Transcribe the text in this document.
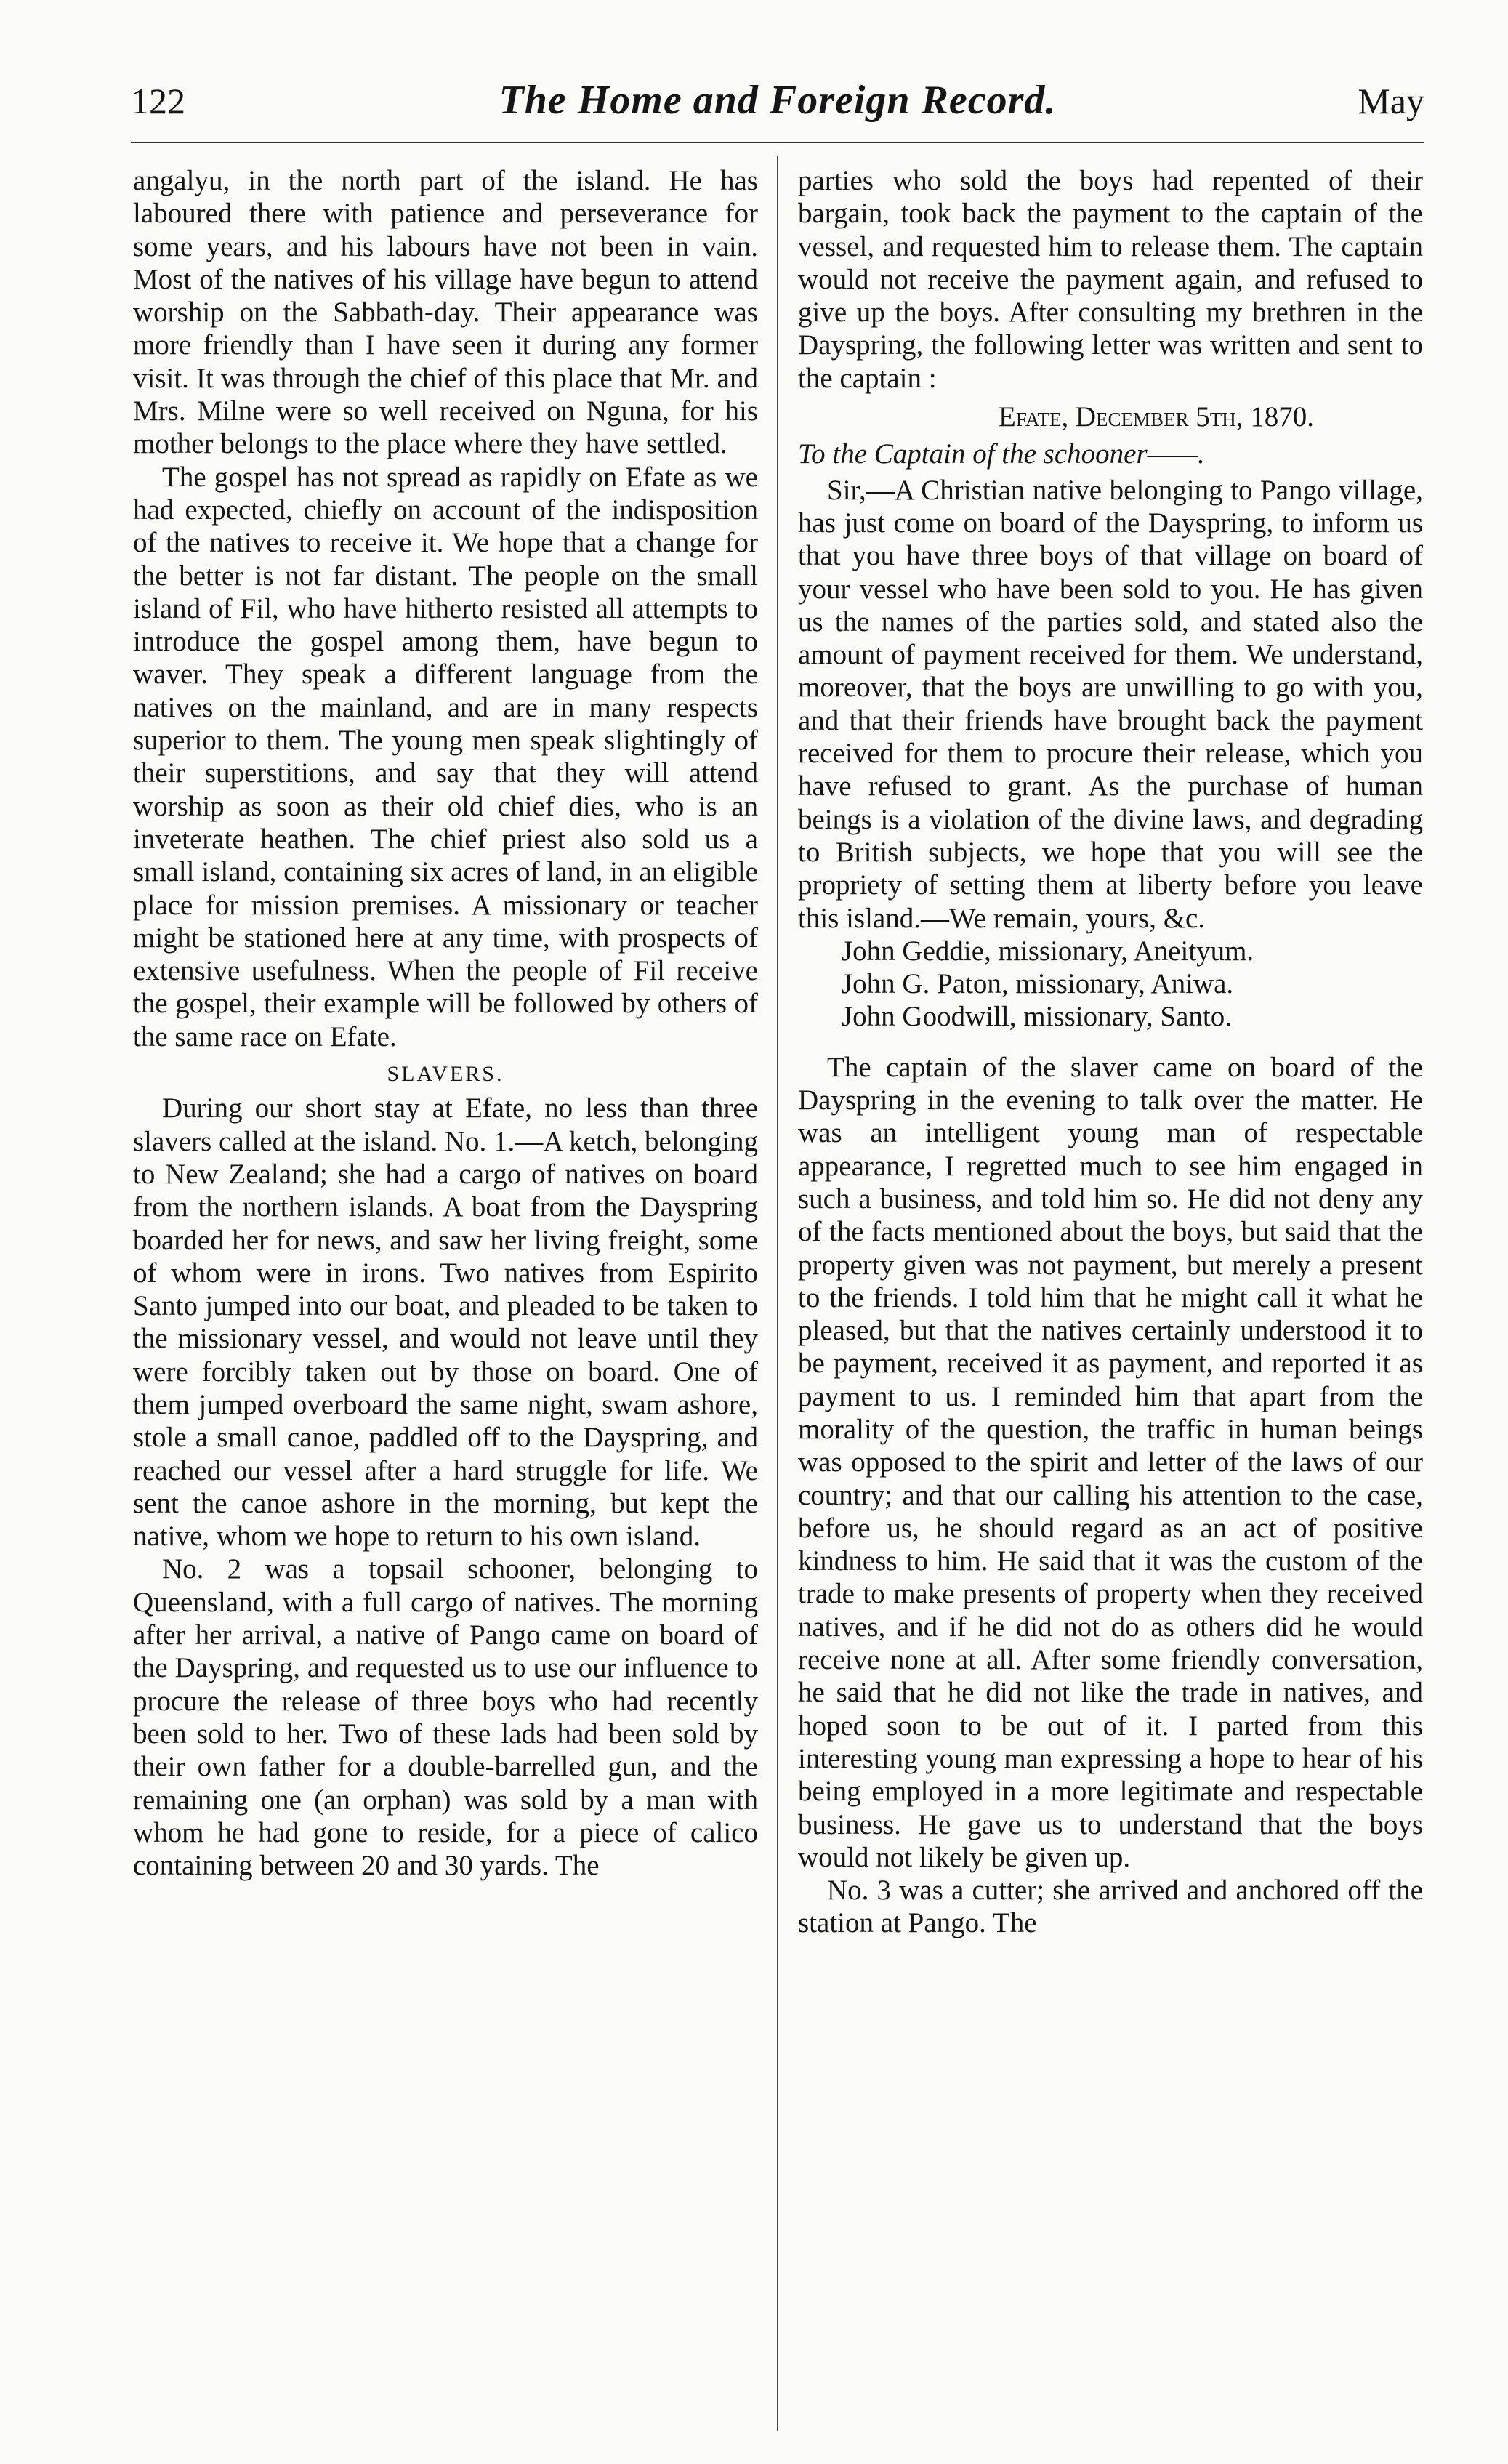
122	The Home and Foreign Record.	May

angalyu, in the north part of the island. He has laboured there with patience and perseverance for some years, and his labours have not been in vain. Most of the natives of his village have begun to attend worship on the Sabbath-day. Their appearance was more friendly than I have seen it during any former visit. It was through the chief of this place that Mr. and Mrs. Milne were so well received on Nguna, for his mother belongs to the place where they have settled.

The gospel has not spread as rapidly on Efate as we had expected, chiefly on account of the indisposition of the natives to receive it. We hope that a change for the better is not far distant. The people on the small island of Fil, who have hitherto resisted all attempts to introduce the gospel among them, have begun to waver. They speak a different language from the natives on the mainland, and are in many respects superior to them. The young men speak slightingly of their superstitions, and say that they will attend worship as soon as their old chief dies, who is an inveterate heathen. The chief priest also sold us a small island, containing six acres of land, in an eligible place for mission premises. A missionary or teacher might be stationed here at any time, with prospects of extensive usefulness. When the people of Fil receive the gospel, their example will be followed by others of the same race on Efate.

SLAVERS.

During our short stay at Efate, no less than three slavers called at the island. No. 1.—A ketch, belonging to New Zealand; she had a cargo of natives on board from the northern islands. A boat from the Dayspring boarded her for news, and saw her living freight, some of whom were in irons. Two natives from Espirito Santo jumped into our boat, and pleaded to be taken to the missionary vessel, and would not leave until they were forcibly taken out by those on board. One of them jumped overboard the same night, swam ashore, stole a small canoe, paddled off to the Dayspring, and reached our vessel after a hard struggle for life. We sent the canoe ashore in the morning, but kept the native, whom we hope to return to his own island.

No. 2 was a topsail schooner, belonging to Queensland, with a full cargo of natives. The morning after her arrival, a native of Pango came on board of the Dayspring, and requested us to use our influence to procure the release of three boys who had recently been sold to her. Two of these lads had been sold by their own father for a double-barrelled gun, and the remaining one (an orphan) was sold by a man with whom he had gone to reside, for a piece of calico containing between 20 and 30 yards. The

parties who sold the boys had repented of their bargain, took back the payment to the captain of the vessel, and requested him to release them. The captain would not receive the payment again, and refused to give up the boys. After consulting my brethren in the Dayspring, the following letter was written and sent to the captain :

Efate, December 5th, 1870.
To the Captain of the schooner——.

Sir,—A Christian native belonging to Pango village, has just come on board of the Dayspring, to inform us that you have three boys of that village on board of your vessel who have been sold to you. He has given us the names of the parties sold, and stated also the amount of payment received for them. We understand, moreover, that the boys are unwilling to go with you, and that their friends have brought back the payment received for them to procure their release, which you have refused to grant. As the purchase of human beings is a violation of the divine laws, and degrading to British subjects, we hope that you will see the propriety of setting them at liberty before you leave this island.—We remain, yours, &c.

John Geddie, missionary, Aneityum.
John G. Paton, missionary, Aniwa.
John Goodwill, missionary, Santo.

The captain of the slaver came on board of the Dayspring in the evening to talk over the matter. He was an intelligent young man of respectable appearance, I regretted much to see him engaged in such a business, and told him so. He did not deny any of the facts mentioned about the boys, but said that the property given was not payment, but merely a present to the friends. I told him that he might call it what he pleased, but that the natives certainly understood it to be payment, received it as payment, and reported it as payment to us. I reminded him that apart from the morality of the question, the traffic in human beings was opposed to the spirit and letter of the laws of our country; and that our calling his attention to the case, before us, he should regard as an act of positive kindness to him. He said that it was the custom of the trade to make presents of property when they received natives, and if he did not do as others did he would receive none at all. After some friendly conversation, he said that he did not like the trade in natives, and hoped soon to be out of it. I parted from this interesting young man expressing a hope to hear of his being employed in a more legitimate and respectable business. He gave us to understand that the boys would not likely be given up.

No. 3 was a cutter; she arrived and anchored off the station at Pango. The
